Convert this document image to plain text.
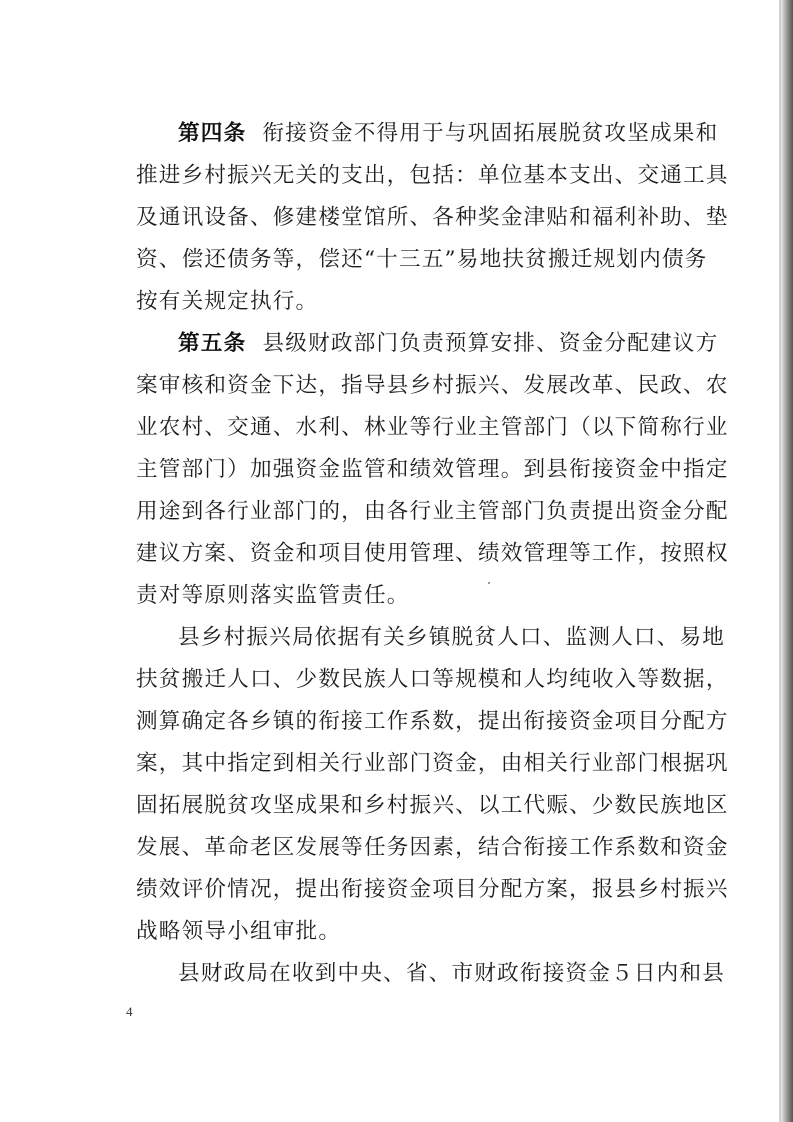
第四条  衔接资金不得用于与巩固拓展脱贫攻坚成果和
推进乡村振兴无关的支出，包括：单位基本支出、交通工具
及通讯设备、修建楼堂馆所、各种奖金津贴和福利补助、垫
资、偿还债务等，偿还“十三五”易地扶贫搬迁规划内债务
按有关规定执行。
第五条  县级财政部门负责预算安排、资金分配建议方
案审核和资金下达，指导县乡村振兴、发展改革、民政、农
业农村、交通、水利、林业等行业主管部门（以下简称行业
主管部门）加强资金监管和绩效管理。到县衔接资金中指定
用途到各行业部门的，由各行业主管部门负责提出资金分配
建议方案、资金和项目使用管理、绩效管理等工作，按照权
责对等原则落实监管责任。
县乡村振兴局依据有关乡镇脱贫人口、监测人口、易地
扶贫搬迁人口、少数民族人口等规模和人均纯收入等数据，
测算确定各乡镇的衔接工作系数，提出衔接资金项目分配方
案，其中指定到相关行业部门资金，由相关行业部门根据巩
固拓展脱贫攻坚成果和乡村振兴、以工代赈、少数民族地区
发展、革命老区发展等任务因素，结合衔接工作系数和资金
绩效评价情况，提出衔接资金项目分配方案，报县乡村振兴
战略领导小组审批。
县财政局在收到中央、省、市财政衔接资金５日内和县
4
